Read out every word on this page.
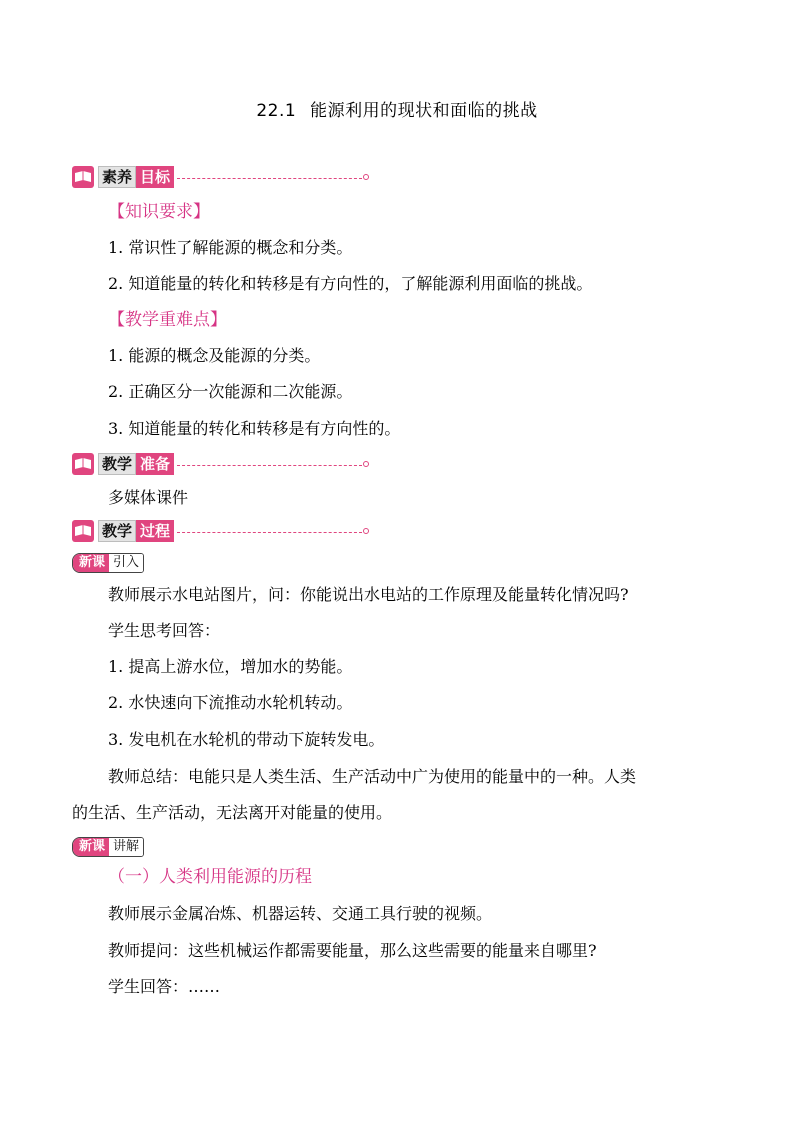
22.1 能源利用的现状和面临的挑战
素养 目标
【知识要求】
1. 常识性了解能源的概念和分类。
2. 知道能量的转化和转移是有方向性的，了解能源利用面临的挑战。
【教学重难点】
1. 能源的概念及能源的分类。
2. 正确区分一次能源和二次能源。
3. 知道能量的转化和转移是有方向性的。
教学 准备
多媒体课件
教学 过程
新课 引入
教师展示水电站图片，问：你能说出水电站的工作原理及能量转化情况吗?
学生思考回答：
1. 提高上游水位，增加水的势能。
2. 水快速向下流推动水轮机转动。
3. 发电机在水轮机的带动下旋转发电。
教师总结：电能只是人类生活、生产活动中广为使用的能量中的一种。人类
的生活、生产活动，无法离开对能量的使用。
新课 讲解
（一）人类利用能源的历程
教师展示金属冶炼、机器运转、交通工具行驶的视频。
教师提问：这些机械运作都需要能量，那么这些需要的能量来自哪里?
学生回答：……
